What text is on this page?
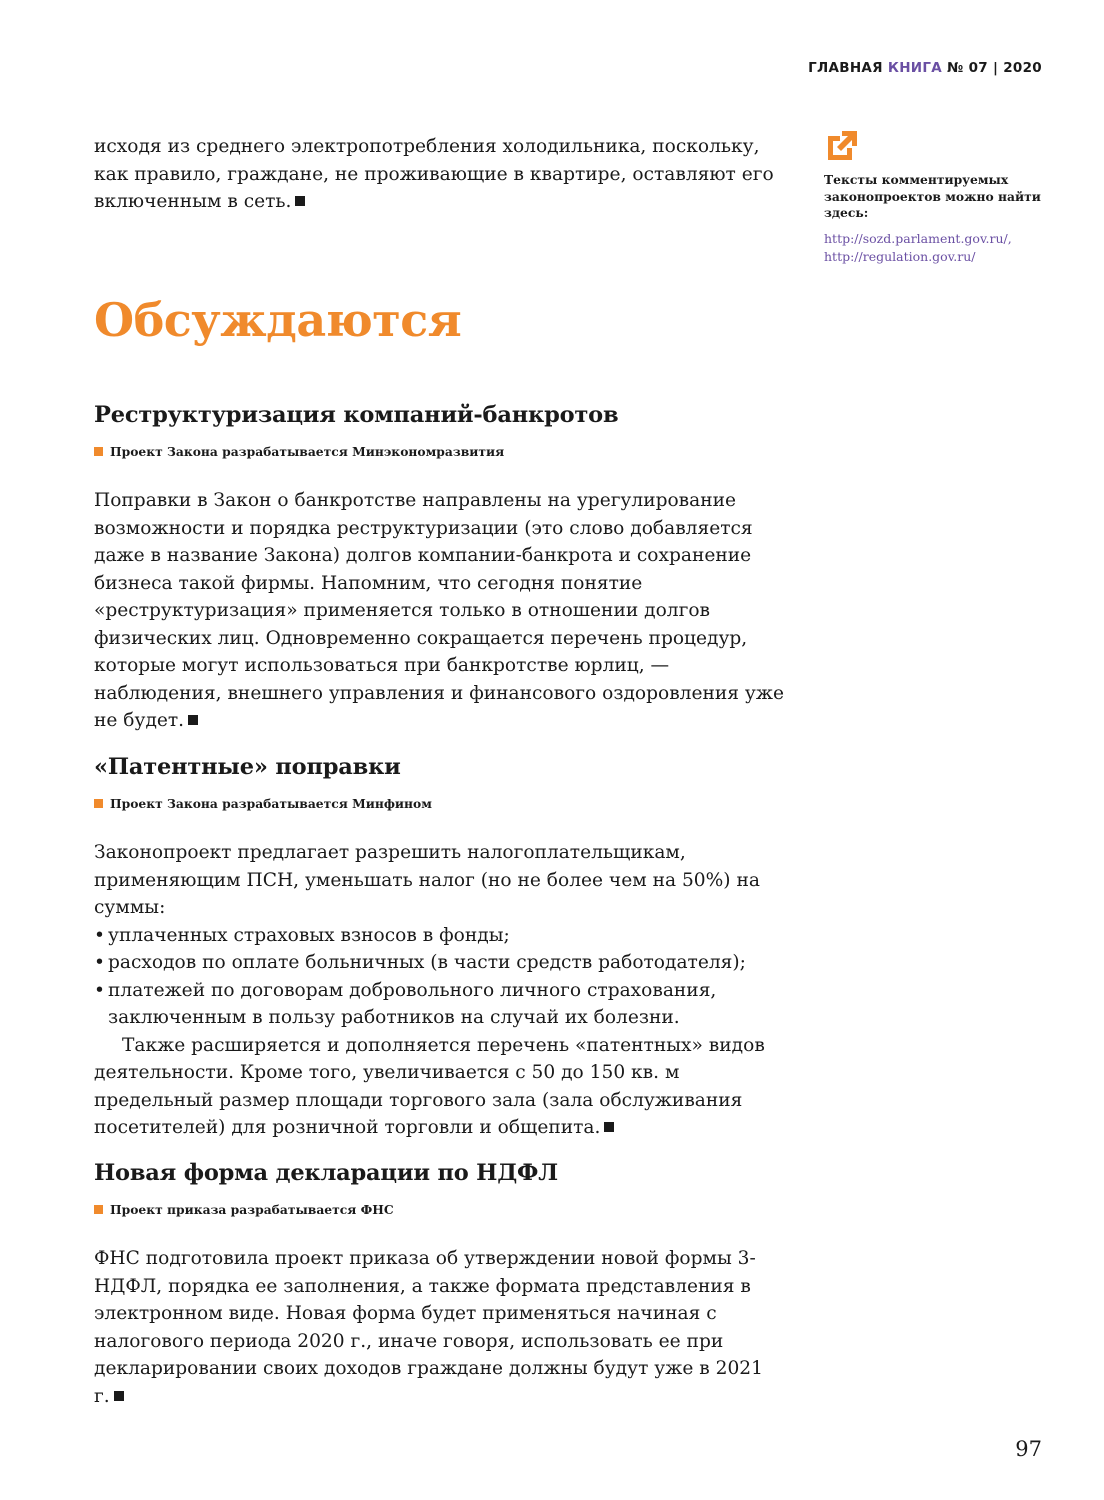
ГЛАВНАЯ КНИГА № 07 | 2020

исходя из среднего электропотребления холодильника, поскольку, как правило, граждане, не проживающие в квартире, оставляют его включенным в сеть.

Тексты комментируемых законопроектов можно найти здесь:
http://sozd.parlament.gov.ru/,
http://regulation.gov.ru/
Обсуждаются
Реструктуризация компаний-банкротов
Проект Закона разрабатывается Минэкономразвития

Поправки в Закон о банкротстве направлены на урегулирование возможности и порядка реструктуризации (это слово добавляется даже в название Закона) долгов компании-банкрота и сохранение бизнеса такой фирмы. Напомним, что сегодня понятие «реструктуризация» применяется только в отношении долгов физических лиц. Одновременно сокращается перечень процедур, которые могут использоваться при банкротстве юрлиц, — наблюдения, внешнего управления и финансового оздоровления уже не будет.

«Патентные» поправки
Проект Закона разрабатывается Минфином

Законопроект предлагает разрешить налогоплательщикам, применяющим ПСН, уменьшать налог (но не более чем на 50%) на суммы:

• уплаченных страховых взносов в фонды;
• расходов по оплате больничных (в части средств работодателя);
• платежей по договорам добровольного личного страхования, заключенным в пользу работников на случай их болезни.

Также расширяется и дополняется перечень «патентных» видов деятельности. Кроме того, увеличивается с 50 до 150 кв. м предельный размер площади торгового зала (зала обслуживания посетителей) для розничной торговли и общепита.

Новая форма декларации по НДФЛ
Проект приказа разрабатывается ФНС

ФНС подготовила проект приказа об утверждении новой формы 3-НДФЛ, порядка ее заполнения, а также формата представления в электронном виде. Новая форма будет применяться начиная с налогового периода 2020 г., иначе говоря, использовать ее при декларировании своих доходов граждане должны будут уже в 2021 г.

97
